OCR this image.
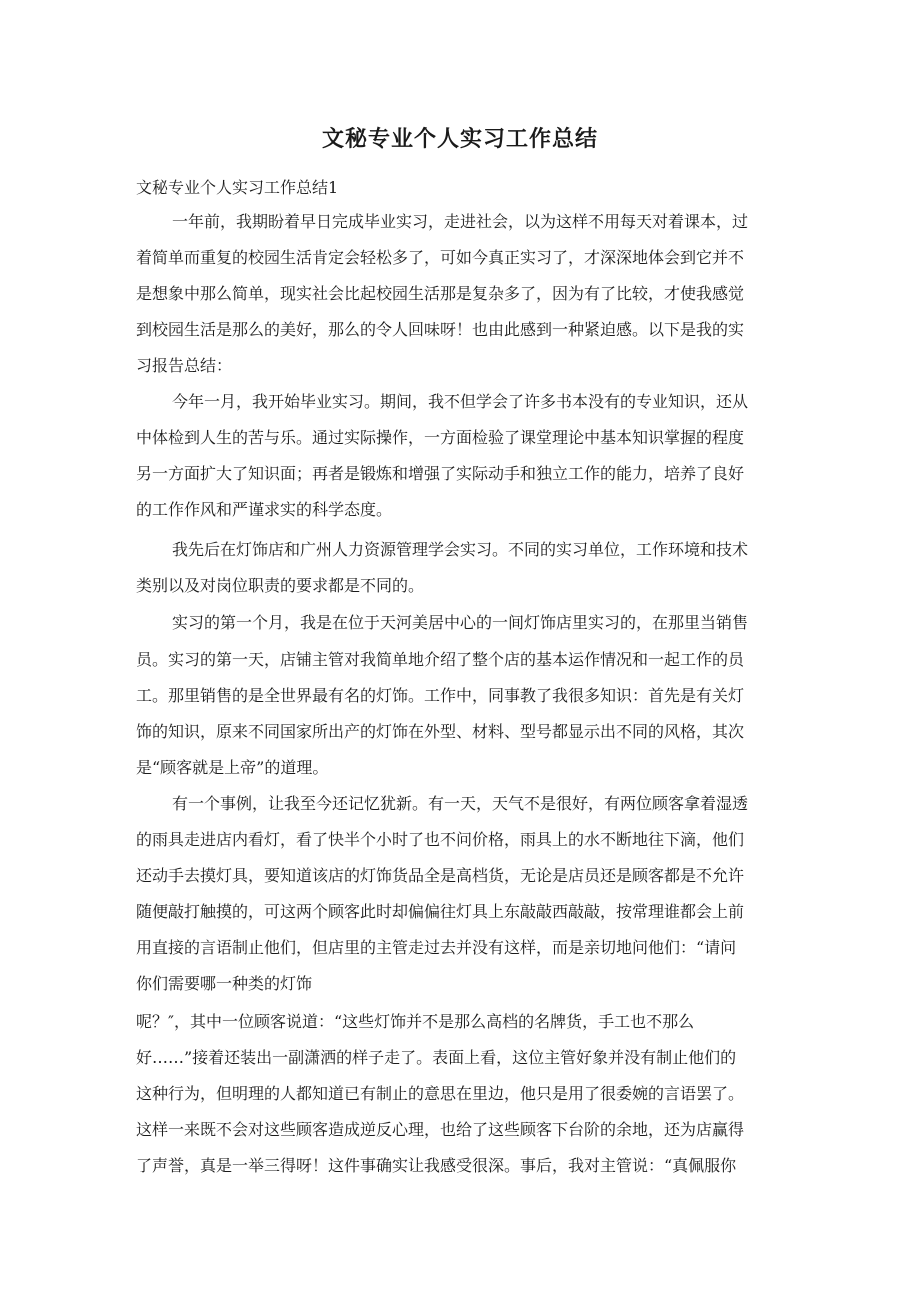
文秘专业个人实习工作总结

文秘专业个人实习工作总结1

一年前，我期盼着早日完成毕业实习，走进社会，以为这样不用每天对着课本，过

着简单而重复的校园生活肯定会轻松多了，可如今真正实习了，才深深地体会到它并不

是想象中那么简单，现实社会比起校园生活那是复杂多了，因为有了比较，才使我感觉

到校园生活是那么的美好，那么的令人回味呀！也由此感到一种紧迫感。以下是我的实

习报告总结：

今年一月，我开始毕业实习。期间，我不但学会了许多书本没有的专业知识，还从

中体检到人生的苦与乐。通过实际操作，一方面检验了课堂理论中基本知识掌握的程度

另一方面扩大了知识面；再者是锻炼和增强了实际动手和独立工作的能力，培养了良好

的工作作风和严谨求实的科学态度。

我先后在灯饰店和广州人力资源管理学会实习。不同的实习单位，工作环境和技术

类别以及对岗位职责的要求都是不同的。

实习的第一个月，我是在位于天河美居中心的一间灯饰店里实习的，在那里当销售

员。实习的第一天，店铺主管对我简单地介绍了整个店的基本运作情况和一起工作的员

工。那里销售的是全世界最有名的灯饰。工作中，同事教了我很多知识：首先是有关灯

饰的知识，原来不同国家所出产的灯饰在外型、材料、型号都显示出不同的风格，其次

是“顾客就是上帝”的道理。

有一个事例，让我至今还记忆犹新。有一天，天气不是很好，有两位顾客拿着湿透

的雨具走进店内看灯，看了快半个小时了也不问价格，雨具上的水不断地往下滴，他们

还动手去摸灯具，要知道该店的灯饰货品全是高档货，无论是店员还是顾客都是不允许

随便敲打触摸的，可这两个顾客此时却偏偏往灯具上东敲敲西敲敲，按常理谁都会上前

用直接的言语制止他们，但店里的主管走过去并没有这样，而是亲切地问他们：“请问

你们需要哪一种类的灯饰

呢？″，其中一位顾客说道：“这些灯饰并不是那么高档的名牌货，手工也不那么

好……”接着还装出一副潇洒的样子走了。表面上看，这位主管好象并没有制止他们的

这种行为，但明理的人都知道已有制止的意思在里边，他只是用了很委婉的言语罢了。

这样一来既不会对这些顾客造成逆反心理，也给了这些顾客下台阶的余地，还为店赢得

了声誉，真是一举三得呀！这件事确实让我感受很深。事后，我对主管说：“真佩服你
